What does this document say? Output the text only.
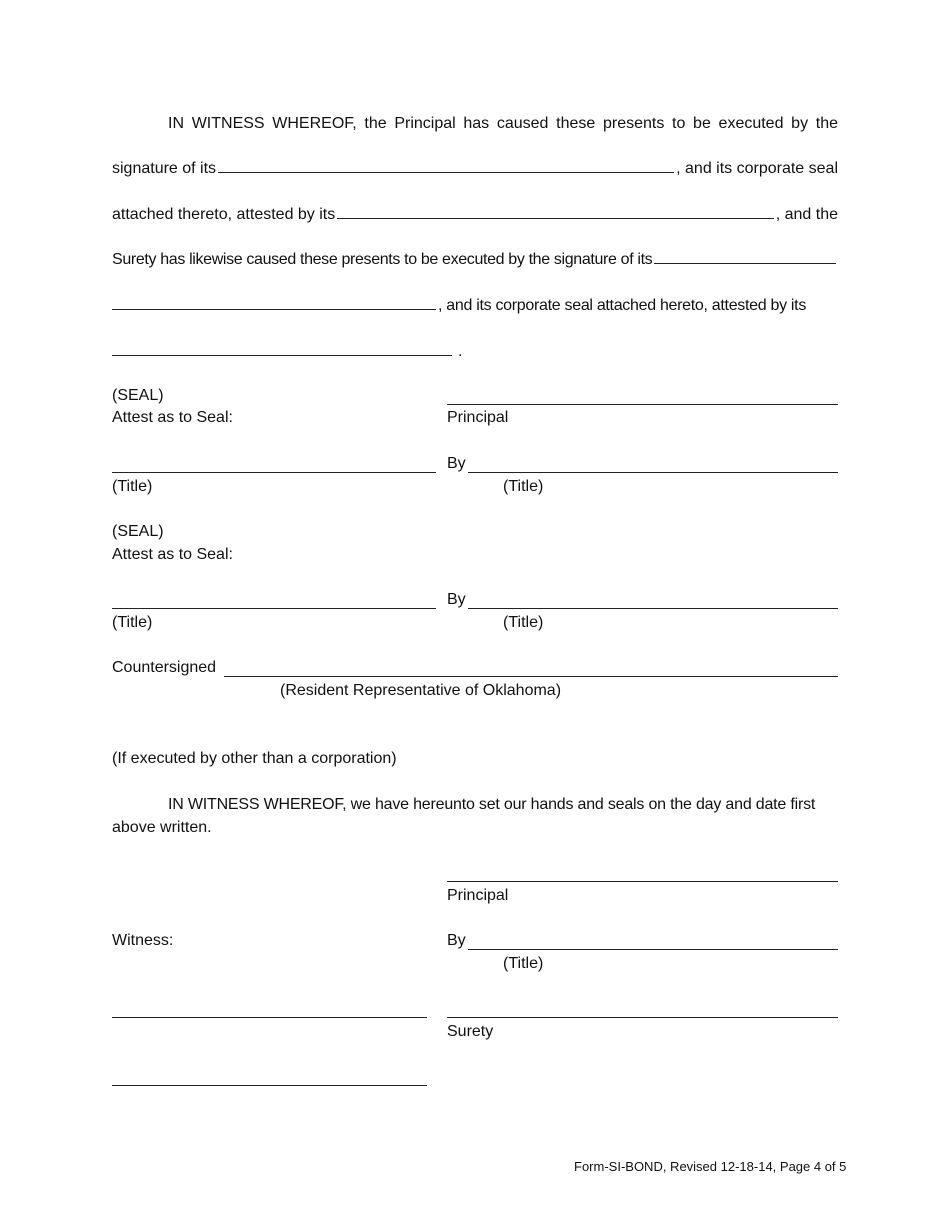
IN WITNESS WHEREOF, the Principal has caused these presents to be executed by the
signature of its	, and its corporate seal
attached thereto, attested by its	, and the
Surety has likewise caused these presents to be executed by the signature of its
, and its corporate seal attached hereto, attested by its
.
(SEAL)
Attest as to Seal:	Principal
By
(Title)	(Title)
(SEAL)
Attest as to Seal:
By
(Title)	(Title)
Countersigned
(Resident Representative of Oklahoma)
(If executed by other than a corporation)
IN WITNESS WHEREOF, we have hereunto set our hands and seals on the day and date first
above written.
Principal
Witness:	By
(Title)
Surety
Form-SI-BOND, Revised 12-18-14, Page 4 of 5
